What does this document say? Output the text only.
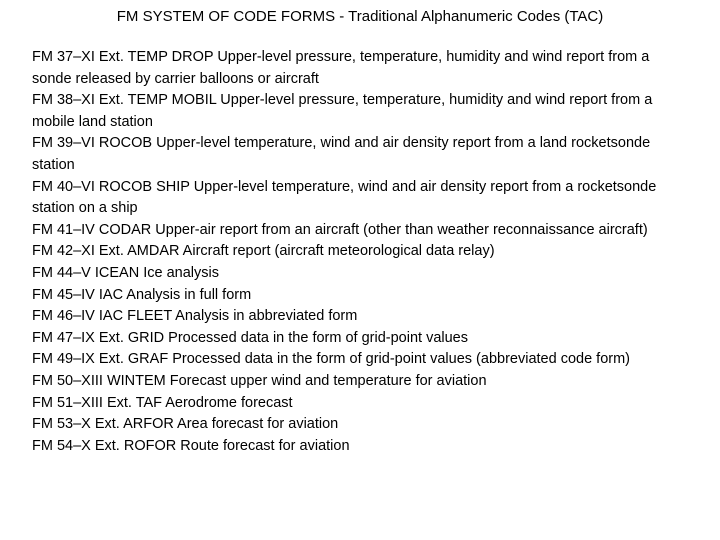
FM SYSTEM OF CODE FORMS - Traditional Alphanumeric Codes (TAC)
FM 37–XI Ext. TEMP DROP Upper-level pressure, temperature, humidity and wind report from a sonde released by carrier balloons or aircraft
FM 38–XI Ext. TEMP MOBIL Upper-level pressure, temperature, humidity and wind report from a mobile land station
FM 39–VI ROCOB Upper-level temperature, wind and air density report from a land rocketsonde station
FM 40–VI ROCOB SHIP Upper-level temperature, wind and air density report from a rocketsonde station on a ship
FM 41–IV CODAR Upper-air report from an aircraft (other than weather reconnaissance aircraft)
FM 42–XI Ext. AMDAR Aircraft report (aircraft meteorological data relay)
FM 44–V ICEAN Ice analysis
FM 45–IV IAC Analysis in full form
FM 46–IV IAC FLEET Analysis in abbreviated form
FM 47–IX Ext. GRID Processed data in the form of grid-point values
FM 49–IX Ext. GRAF Processed data in the form of grid-point values (abbreviated code form)
FM 50–XIII WINTEM Forecast upper wind and temperature for aviation
FM 51–XIII Ext. TAF Aerodrome forecast
FM 53–X Ext. ARFOR Area forecast for aviation
FM 54–X Ext. ROFOR Route forecast for aviation
